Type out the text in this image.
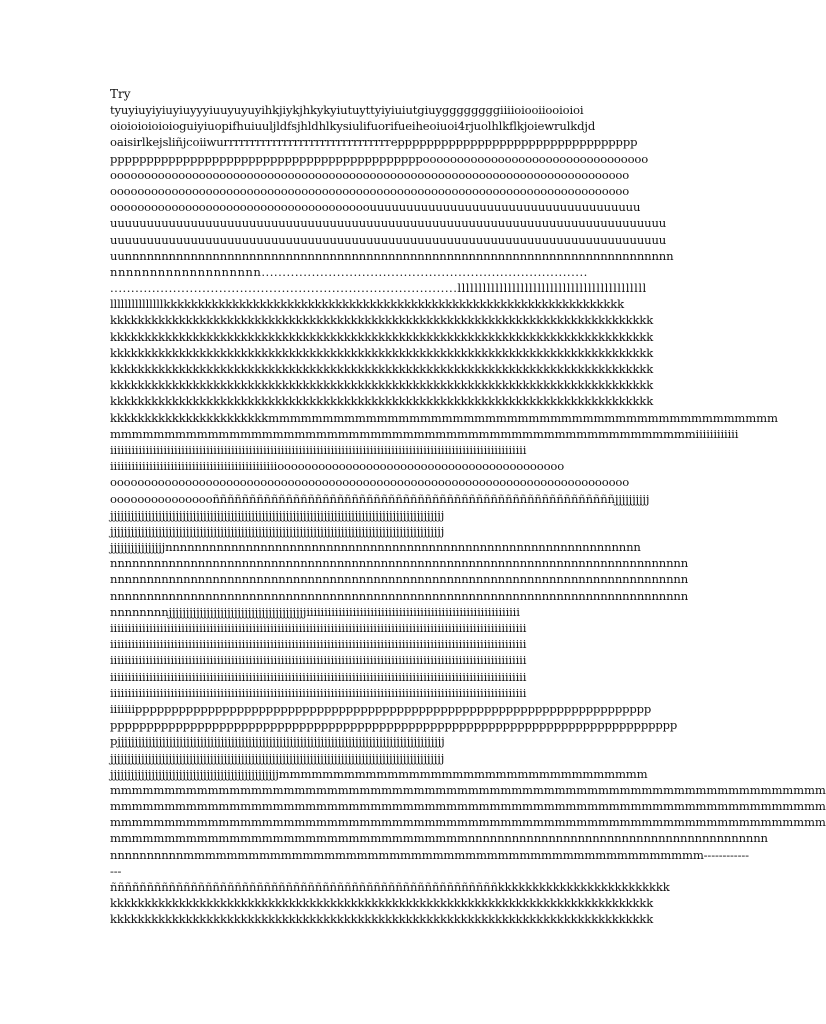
Try
tyuyiuyiyiuyiuyyyiuuyuyuyihkjiykjhkykyiutuyttyiyiuiutgiuyggggggggiiiioiooiiooioioi
oioioioioioioguiyiuopifhuiuuljldfsjhldhlkysiulifuorifueiheoiuoi4rjuolhlkflkjoiewrulkdjd
oaisirlkejsliñjcoiiwurrrrrrrrrrrrrrrrrrrrrrrrrrrrrrreppppppppppppppppppppppppppppppppp
pppppppppppppppppppppppppppppppppppppppppppooooooooooooooooooooooooooooooooo
oooooooooooooooooooooooooooooooooooooooooooooooooooooooooooooooooooooooooooo
oooooooooooooooooooooooooooooooooooooooooooooooooooooooooooooooooooooooooooo
oooooooooooooooooooooooooooooooooooooouuuuuuuuuuuuuuuuuuuuuuuuuuuuuuuuuuuuu
uuuuuuuuuuuuuuuuuuuuuuuuuuuuuuuuuuuuuuuuuuuuuuuuuuuuuuuuuuuuuuuuuuuuuuuuuuuu
uuuuuuuuuuuuuuuuuuuuuuuuuuuuuuuuuuuuuuuuuuuuuuuuuuuuuuuuuuuuuuuuuuuuuuuuuuuu
uunnnnnnnnnnnnnnnnnnnnnnnnnnnnnnnnnnnnnnnnnnnnnnnnnnnnnnnnnnnnnnnnnnnnnnnnnnn
nnnnnnnnnnnnnnnnnnn..............................................................................
...................................................................................lllllllllllllllllllllllllllllllllllllllllllll
lllllllllllllllkkkkkkkkkkkkkkkkkkkkkkkkkkkkkkkkkkkkkkkkkkkkkkkkkkkkkkkkkkkkkkkkkkk
kkkkkkkkkkkkkkkkkkkkkkkkkkkkkkkkkkkkkkkkkkkkkkkkkkkkkkkkkkkkkkkkkkkkkkkkkkkkkkk
kkkkkkkkkkkkkkkkkkkkkkkkkkkkkkkkkkkkkkkkkkkkkkkkkkkkkkkkkkkkkkkkkkkkkkkkkkkkkkk
kkkkkkkkkkkkkkkkkkkkkkkkkkkkkkkkkkkkkkkkkkkkkkkkkkkkkkkkkkkkkkkkkkkkkkkkkkkkkkk
kkkkkkkkkkkkkkkkkkkkkkkkkkkkkkkkkkkkkkkkkkkkkkkkkkkkkkkkkkkkkkkkkkkkkkkkkkkkkkk
kkkkkkkkkkkkkkkkkkkkkkkkkkkkkkkkkkkkkkkkkkkkkkkkkkkkkkkkkkkkkkkkkkkkkkkkkkkkkkk
kkkkkkkkkkkkkkkkkkkkkkkkkkkkkkkkkkkkkkkkkkkkkkkkkkkkkkkkkkkkkkkkkkkkkkkkkkkkkkk
kkkkkkkkkkkkkkkkkkkkkkkmmmmmmmmmmmmmmmmmmmmmmmmmmmmmmmmmmmmmmmmmmmmmmm
mmmmmmmmmmmmmmmmmmmmmmmmmmmmmmmmmmmmmmmmmmmmmmmmmmmmmmiiiiiiiiiiii
iiiiiiiiiiiiiiiiiiiiiiiiiiiiiiiiiiiiiiiiiiiiiiiiiiiiiiiiiiiiiiiiiiiiiiiiiiiiiiiiiiiiiiiiiiiiiiiiiiiiiiiiiiiiiiiiiiiii
iiiiiiiiiiiiiiiiiiiiiiiiiiiiiiiiiiiiiiiiiiiiiiioooooooooooooooooooooooooooooooooooooooooo
oooooooooooooooooooooooooooooooooooooooooooooooooooooooooooooooooooooooooooo
oooooooooooooooñññññññññññññññññññññññññññññññññññññññññññññññññññññññjjjjjjjjjj
jjjjjjjjjjjjjjjjjjjjjjjjjjjjjjjjjjjjjjjjjjjjjjjjjjjjjjjjjjjjjjjjjjjjjjjjjjjjjjjjjjjjjjjjjjjjjjjjj
jjjjjjjjjjjjjjjjjjjjjjjjjjjjjjjjjjjjjjjjjjjjjjjjjjjjjjjjjjjjjjjjjjjjjjjjjjjjjjjjjjjjjjjjjjjjjjjjj
jjjjjjjjjjjjjjjjnnnnnnnnnnnnnnnnnnnnnnnnnnnnnnnnnnnnnnnnnnnnnnnnnnnnnnnnnnnnnnnnn
nnnnnnnnnnnnnnnnnnnnnnnnnnnnnnnnnnnnnnnnnnnnnnnnnnnnnnnnnnnnnnnnnnnnnnnnnnnnnnn
nnnnnnnnnnnnnnnnnnnnnnnnnnnnnnnnnnnnnnnnnnnnnnnnnnnnnnnnnnnnnnnnnnnnnnnnnnnnnnn
nnnnnnnnnnnnnnnnnnnnnnnnnnnnnnnnnnnnnnnnnnnnnnnnnnnnnnnnnnnnnnnnnnnnnnnnnnnnnnn
nnnnnnnnjjjjjjjjjjjjjjjjjjjjjjjjjjjjjjjjjjjjjjjjiiiiiiiiiiiiiiiiiiiiiiiiiiiiiiiiiiiiiiiiiiiiiiiiiiiiiiiiiiii
iiiiiiiiiiiiiiiiiiiiiiiiiiiiiiiiiiiiiiiiiiiiiiiiiiiiiiiiiiiiiiiiiiiiiiiiiiiiiiiiiiiiiiiiiiiiiiiiiiiiiiiiiiiiiiiiiiiii
iiiiiiiiiiiiiiiiiiiiiiiiiiiiiiiiiiiiiiiiiiiiiiiiiiiiiiiiiiiiiiiiiiiiiiiiiiiiiiiiiiiiiiiiiiiiiiiiiiiiiiiiiiiiiiiiiiiii
iiiiiiiiiiiiiiiiiiiiiiiiiiiiiiiiiiiiiiiiiiiiiiiiiiiiiiiiiiiiiiiiiiiiiiiiiiiiiiiiiiiiiiiiiiiiiiiiiiiiiiiiiiiiiiiiiiiii
iiiiiiiiiiiiiiiiiiiiiiiiiiiiiiiiiiiiiiiiiiiiiiiiiiiiiiiiiiiiiiiiiiiiiiiiiiiiiiiiiiiiiiiiiiiiiiiiiiiiiiiiiiiiiiiiiiiii
iiiiiiiiiiiiiiiiiiiiiiiiiiiiiiiiiiiiiiiiiiiiiiiiiiiiiiiiiiiiiiiiiiiiiiiiiiiiiiiiiiiiiiiiiiiiiiiiiiiiiiiiiiiiiiiiiiiii
iiiiiiippppppppppppppppppppppppppppppppppppppppppppppppppppppppppppppppppppppp
pppppppppppppppppppppppppppppppppppppppppppppppppppppppppppppppppppppppppppppp
pjjjjjjjjjjjjjjjjjjjjjjjjjjjjjjjjjjjjjjjjjjjjjjjjjjjjjjjjjjjjjjjjjjjjjjjjjjjjjjjjjjjjjjjjjjjjjjj
jjjjjjjjjjjjjjjjjjjjjjjjjjjjjjjjjjjjjjjjjjjjjjjjjjjjjjjjjjjjjjjjjjjjjjjjjjjjjjjjjjjjjjjjjjjjjjjjj
jjjjjjjjjjjjjjjjjjjjjjjjjjjjjjjjjjjjjjjjjjjjjjjjjmmmmmmmmmmmmmmmmmmmmmmmmmmmmmmmmmm
mmmmmmmmmmmmmmmmmmmmmmmmmmmmmmmmmmmmmmmmmmmmmmmmmmmmmmmmmmmmmmmmmm
mmmmmmmmmmmmmmmmmmmmmmmmmmmmmmmmmmmmmmmmmmmmmmmmmmmmmmmmmmmmmmmmmm
mmmmmmmmmmmmmmmmmmmmmmmmmmmmmmmmmmmmmmmmmmmmmmmmmmmmmmmmmmmmmmmmmm
mmmmmmmmmmmmmmmmmmmmmmmmmmmmmmmmmnnnnnnnnnnnnnnnnnnnnnnnnnnnnnnnnnnnnnnnnn
nnnnnnnnnnmmmmmmmmmmmmmmmmmmmmmmmmmmmmmmmmmmmmmmmmmmmmmmmm------------
---
ñññññññññññññññññññññññññññññññññññññññññññññññññññññkkkkkkkkkkkkkkkkkkkkkkkkk
kkkkkkkkkkkkkkkkkkkkkkkkkkkkkkkkkkkkkkkkkkkkkkkkkkkkkkkkkkkkkkkkkkkkkkkkkkkkkkk
kkkkkkkkkkkkkkkkkkkkkkkkkkkkkkkkkkkkkkkkkkkkkkkkkkkkkkkkkkkkkkkkkkkkkkkkkkkkkkk
